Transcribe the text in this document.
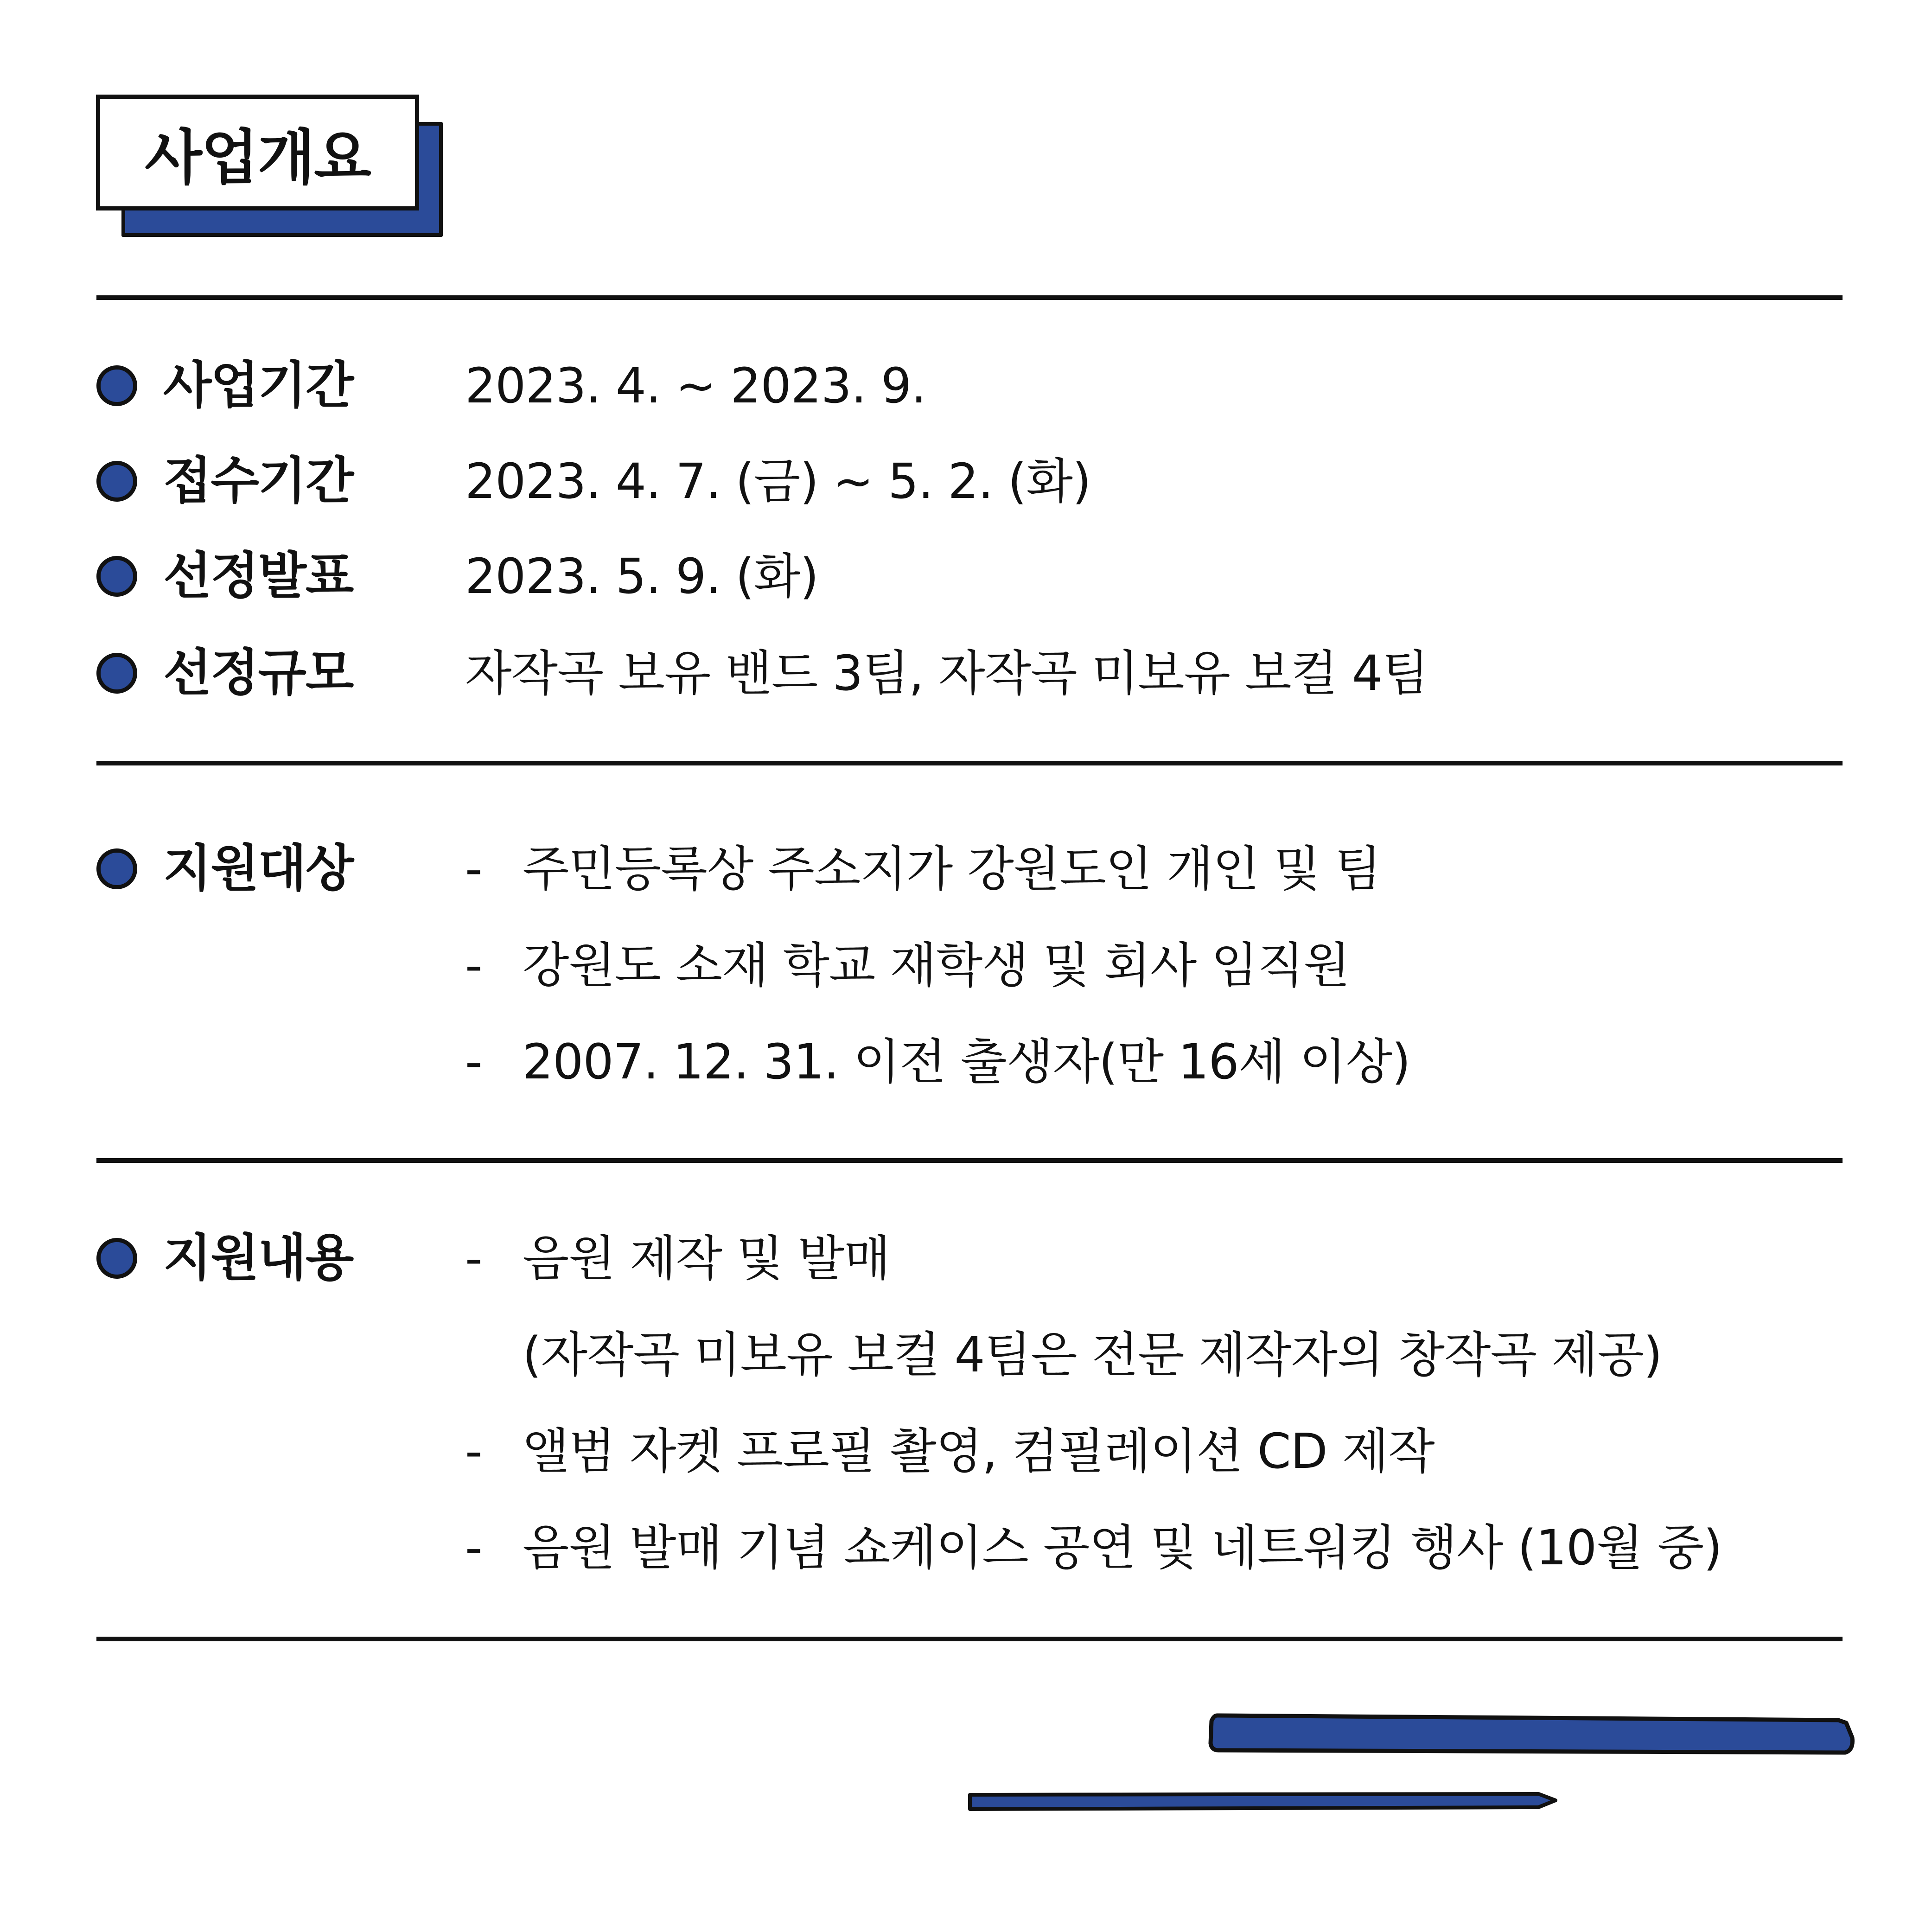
사업개요
사업기간 2023. 4. ~ 2023. 9.
접수기간 2023. 4. 7. (금) ~ 5. 2. (화)
선정발표 2023. 5. 9. (화)
선정규모 자작곡 보유 밴드 3팀, 자작곡 미보유 보컬 4팀
지원대상 - 주민등록상 주소지가 강원도인 개인 및 팀
- 강원도 소재 학교 재학생 및 회사 임직원
- 2007. 12. 31. 이전 출생자(만 16세 이상)
지원내용 - 음원 제작 및 발매
(자작곡 미보유 보컬 4팀은 전문 제작자의 창작곡 제공)
- 앨범 자켓 프로필 촬영, 컴필레이션 CD 제작
- 음원 발매 기념 쇼케이스 공연 및 네트워킹 행사 (10월 중)
